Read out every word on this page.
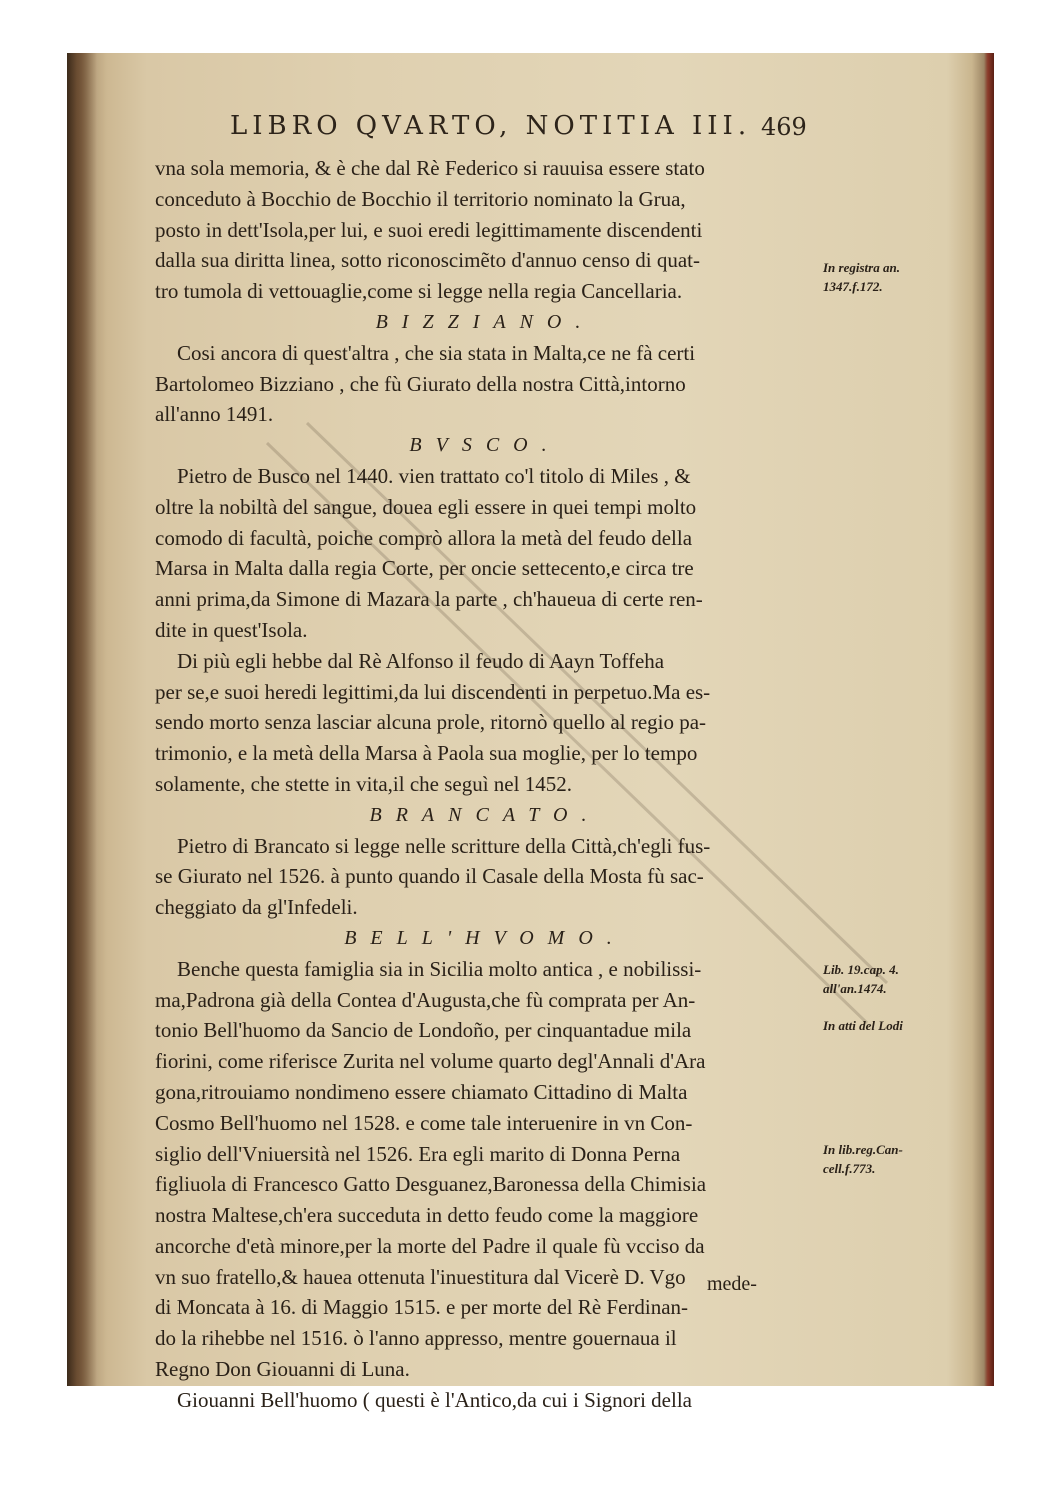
LIBRO QVARTO, NOTITIA III. 469
vna sola memoria, & è che dal Rè Federico si rauuisa essere stato
conceduto à Bocchio de Bocchio il territorio nominato la Grua,
posto in dett'Isola,per lui, e suoi eredi legittimamente discendenti
dalla sua diritta linea, sotto riconoscimẽto d'annuo censo di quat-
tro tumola di vettouaglie,come si legge nella regia Cancellaria.
BIZZIANO.
Cosi ancora di quest'altra , che sia stata in Malta,ce ne fà certi
Bartolomeo Bizziano , che fù Giurato della nostra Città,intorno
all'anno 1491.
BVSCO.
Pietro de Busco nel 1440. vien trattato co'l titolo di Miles , &
oltre la nobiltà del sangue, douea egli essere in quei tempi molto
comodo di facultà, poiche comprò allora la metà del feudo della
Marsa in Malta dalla regia Corte, per oncie settecento,e circa tre
anni prima,da Simone di Mazara la parte , ch'haueua di certe ren-
dite in quest'Isola.
Di più egli hebbe dal Rè Alfonso il feudo di Aayn Toffeha
per se,e suoi heredi legittimi,da lui discendenti in perpetuo.Ma es-
sendo morto senza lasciar alcuna prole, ritornò quello al regio pa-
trimonio, e la metà della Marsa à Paola sua moglie, per lo tempo
solamente, che stette in vita,il che seguì nel 1452.
BRANCATO.
Pietro di Brancato si legge nelle scritture della Città,ch'egli fus-
se Giurato nel 1526. à punto quando il Casale della Mosta fù sac-
cheggiato da gl'Infedeli.
BELL'HVOMO.
Benche questa famiglia sia in Sicilia molto antica , e nobilissi-
ma,Padrona già della Contea d'Augusta,che fù comprata per An-
tonio Bell'huomo da Sancio de Londoño, per cinquantadue mila
fiorini, come riferisce Zurita nel volume quarto degl'Annali d'Ara
gona,ritrouiamo nondimeno essere chiamato Cittadino di Malta
Cosmo Bell'huomo nel 1528. e come tale interuenire in vn Con-
siglio dell'Vniuersità nel 1526. Era egli marito di Donna Perna
figliuola di Francesco Gatto Desguanez,Baronessa della Chimisia
nostra Maltese,ch'era succeduta in detto feudo come la maggiore
ancorche d'età minore,per la morte del Padre il quale fù vcciso da
vn suo fratello,& hauea ottenuta l'inuestitura dal Vicerè D. Vgo
di Moncata à 16. di Maggio 1515. e per morte del Rè Ferdinan-
do la rihebbe nel 1516. ò l'anno appresso, mentre gouernaua il
Regno Don Giouanni di Luna.
Giouanni Bell'huomo ( questi è l'Antico,da cui i Signori della
mede-
In registra an. 1347.f.172.
Lib. 19.cap. 4. all'an.1474.
In atti del Lodi
In lib.reg.Can- cell.f.773.
